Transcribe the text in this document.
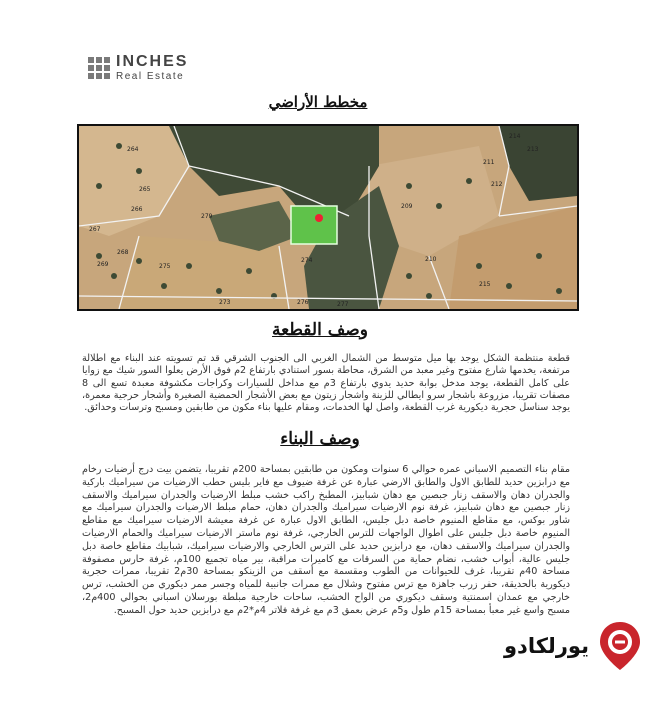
INCHES
Real Estate
مخطط الأراضي
264
265
266
267
268
269
273
274
275
276	277
279
209
210
211
212
213
214
215
وصف القطعة
قطعة منتظمة الشكل يوجد بها ميل متوسط من الشمال الغربي الى الجنوب الشرقي قد تم تسويته عند البناء مع اطلالة مرتفعة، يخدمها شارع مفتوح وغير معبد من الشرق، محاطة بسور استنادي بارتفاع 2م فوق الأرض يعلوا السور شيك مع زوايا على كامل القطعة، يوجد مدخل بوابة حديد يدوي بارتفاع 3م مع مداخل للسيارات وكراجات مكشوفة معبدة تسع الى 8 مصفات تقريبا، مزروعة باشجار سرو ايطالي للزينة واشجار زيتون مع بعض الأشجار الحمضية الصغيرة وأشجار حرجية معمرة، يوجد سناسل حجرية ديكورية غرب القطعة، واصل لها الخدمات، ومقام عليها بناء مكون من طابقين ومسبح وترسات وحدائق.
وصف البناء
مقام بناء التصميم الاسباني عمره حوالي 6 سنوات ومكون من طابقين بمساحة 200م تقريبا، يتضمن بيت درج أرضيات رخام مع درابزين حديد للطابق الاول والطابق الارضي عبارة عن غرفة ضيوف مع فاير بليس حطب الارضيات من سيراميك باركية والجدران دهان والاسقف زنار جبصين مع دهان شبابيز، المطبخ راكب خشب مبلط الارضيات والجدران سيراميك والاسقف زنار جبصين مع دهان شبابيز، غرفة نوم الارضيات سيراميك والجدران دهان، حمام مبلط الارضيات والجدران سيراميك مع شاور بوكس، مع مقاطع المنيوم خاصة دبل جليس، الطابق الاول عبارة عن غرفة معيشة الارضيات سيراميك مع مقاطع المنيوم خاصة دبل جليس على اطوال الواجهات للترس الخارجي، غرفة نوم ماستر الارضيات سيراميك والحمام الارضيات والجدران سيراميك والاسقف دهان، مع درابزين حديد على الترس الخارجي والارضيات سيراميك، شبابيك مقاطع خاصة دبل جليس عالية، أبواب خشب، نضام حماية من السرقات مع كاميرات مراقبة، بير مياه تجميع 100م، غرفة حارس مصفوفة مساحة 40م تقريبا، غرف للحيوانات من الطوب ومقسمة مع أسقف من الزينكو بمساحة 30م2 تقريبا، ممرات حجرية ديكورية بالحديقة، حفر زرب جاهزة مع ترس مفتوح وشلال مع ممرات جانبية للمياه وجسر ممر ديكوري من الخشب، ترس خارجي مع عمدان اسمنتية وسقف ديكوري من الواح الخشب، ساحات خارجية مبلطة بورسلان اسباني بحوالي 400م2، مسبح واسع غير معبأ بمساحة 15م طول و5م عرض بعمق 3م مع غرفة فلاتر 4م*2م مع درابزين حديد حول المسبح.
يورلكادو
